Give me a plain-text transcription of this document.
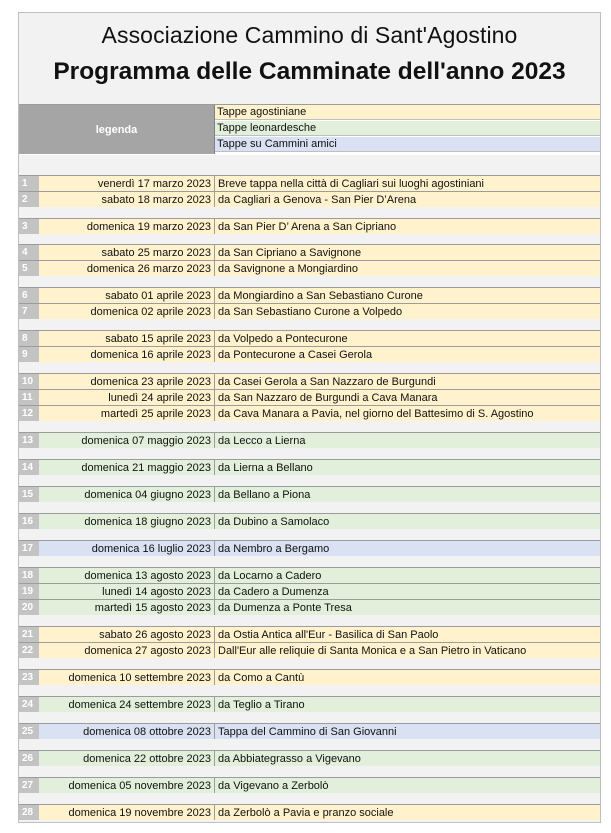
Associazione Cammino di Sant'Agostino
Programma delle Camminate dell'anno 2023
legenda
Tappe agostiniane
Tappe leonardesche
Tappe su Cammini amici
1	venerdì 17 marzo 2023 Breve tappa nella città di Cagliari sui luoghi agostiniani
2	sabato 18 marzo 2023 da Cagliari a Genova - San Pier D’Arena
3	domenica 19 marzo 2023 da San Pier D’ Arena a San Cipriano
4	sabato 25 marzo 2023 da San Cipriano a Savignone
5	domenica 26 marzo 2023 da Savignone a Mongiardino
6	sabato 01 aprile 2023 da Mongiardino a San Sebastiano Curone
7	domenica 02 aprile 2023 da San Sebastiano Curone a Volpedo
8	sabato 15 aprile 2023 da Volpedo a Pontecurone
9	domenica 16 aprile 2023 da Pontecurone a Casei Gerola
10	domenica 23 aprile 2023 da Casei Gerola a San Nazzaro de Burgundi
11	lunedì 24 aprile 2023 da San Nazzaro de Burgundi a Cava Manara
12	martedì 25 aprile 2023 da Cava Manara a Pavia, nel giorno del Battesimo di S. Agostino
13	domenica 07 maggio 2023 da Lecco a Lierna
14	domenica 21 maggio 2023 da Lierna a Bellano
15	domenica 04 giugno 2023 da Bellano a Piona
16	domenica 18 giugno 2023 da Dubino a Samolaco
17	domenica 16 luglio 2023 da Nembro a Bergamo
18	domenica 13 agosto 2023 da Locarno a Cadero
19	lunedì 14 agosto 2023 da Cadero a Dumenza
20	martedì 15 agosto 2023 da Dumenza a Ponte Tresa
21	sabato 26 agosto 2023 da Ostia Antica all'Eur - Basilica di San Paolo
22	domenica 27 agosto 2023 Dall'Eur alle reliquie di Santa Monica e a San Pietro in Vaticano
23	domenica 10 settembre 2023 da Como a Cantù
24	domenica 24 settembre 2023 da Teglio a Tirano
25	domenica 08 ottobre 2023 Tappa del Cammino di San Giovanni
26	domenica 22 ottobre 2023 da Abbiategrasso a Vigevano
27	domenica 05 novembre 2023 da Vigevano a Zerbolò
28	domenica 19 novembre 2023 da Zerbolò a Pavia e pranzo sociale
